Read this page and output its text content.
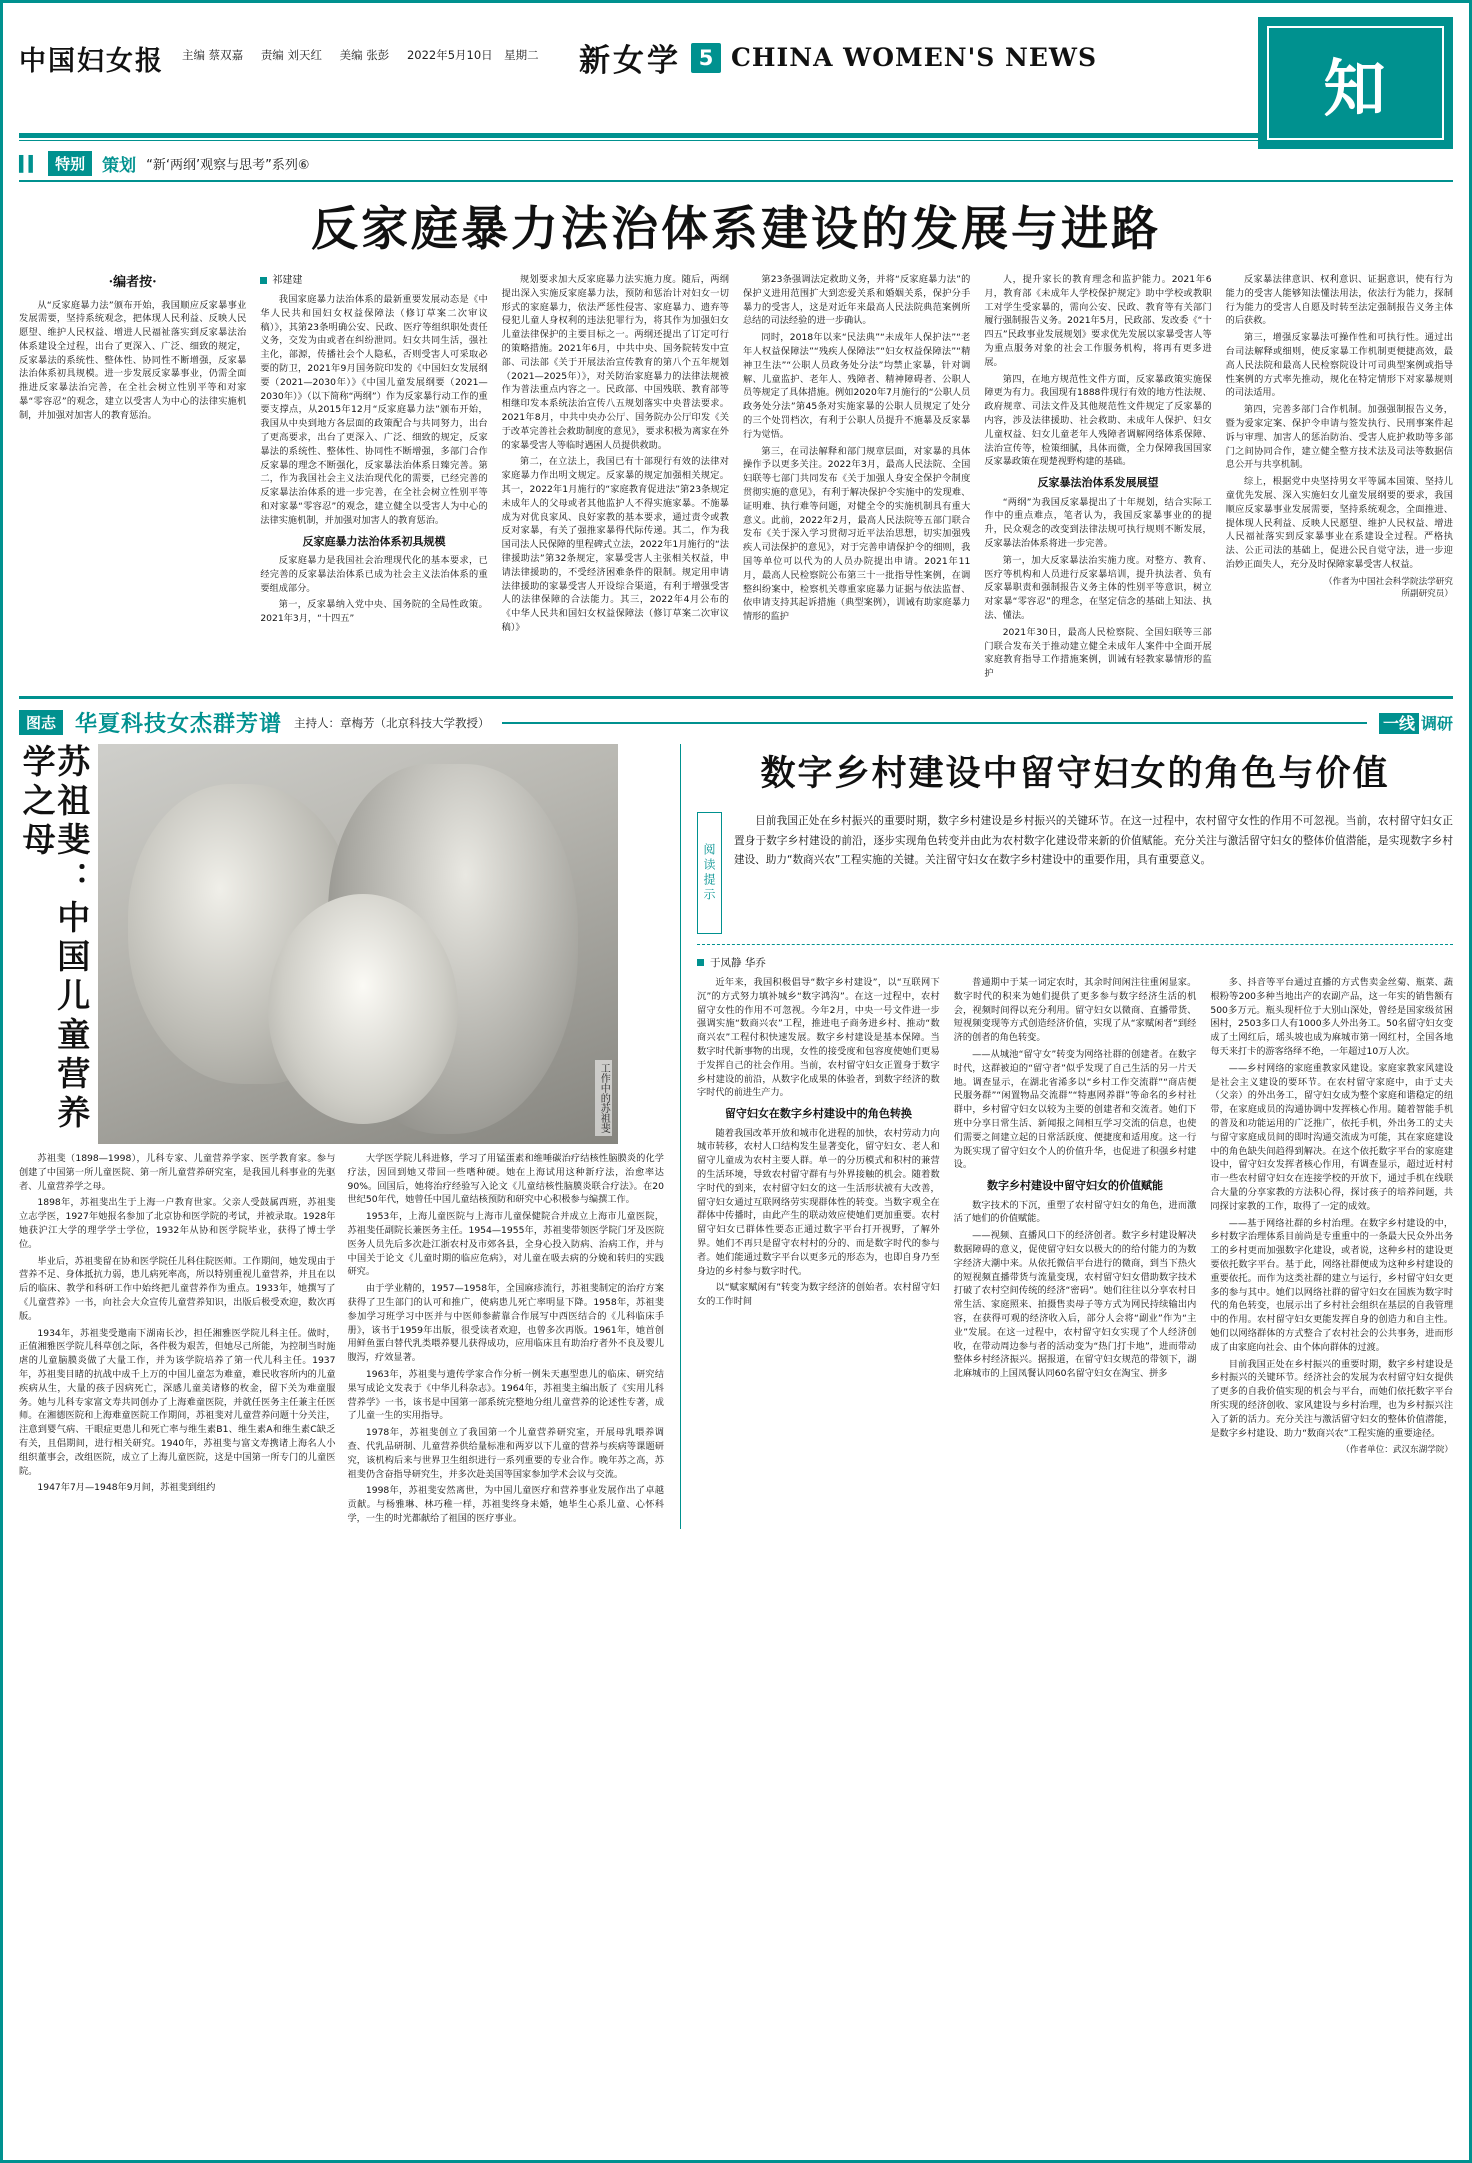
中国妇女报 主编 蔡双嘉 责编 刘天红 美编 张彭 2022年5月10日　星期二	新女学 5 CHINA WOMEN'S NEWS	知
▍▍	特别	策划 “新‘两纲’观察与思考”系列⑥
反家庭暴力法治体系建设的发展与进路
·编者按·

从“反家庭暴力法”颁布开始，我国顺应反家暴事业发展需要，坚持系统观念，把体现人民利益、反映人民愿望、维护人民权益、增进人民福祉落实到反家暴法治体系建设全过程，出台了更深入、广泛、细致的规定，反家暴法的系统性、整体性、协同性不断增强，反家暴法治体系初具规模。进一步发展反家暴事业，仍需全面推进反家暴法治完善，在全社会树立性别平等和对家暴“零容忍”的观念，建立以受害人为中心的法律实施机制，并加强对加害人的教育惩治。

祁建建

我国家庭暴力法治体系的最新重要发展动态是《中华人民共和国妇女权益保障法（修订草案二次审议稿）》，其第23条明确公安、民政、医疗等组织职处责任义务，交发为由或者在纠纷泄同。妇女共同生活，强社主化，部源，传播社会个人隐私，否则受害人可采取必要的防卫，2021年9月国务院印发的《中国妇女发展纲要（2021—2030年）》《中国儿童发展纲要（2021—2030年）》（以下简称“两纲”）作为反家暴行动工作的重要支撑点，从2015年12月“反家庭暴力法”颁布开始，我国从中央到地方各层面的政策配合与共同努力，出台了更高要求，出台了更深入、广泛、细致的规定，反家暴法的系统性、整体性、协同性不断增强，多部门合作反家暴的理念不断强化，反家暴法治体系日臻完善。第二，作为我国社会主义法治现代化的需要，已经完善的反家暴法治体系的进一步完善，在全社会树立性别平等和对家暴“零容忍”的观念，建立健全以受害人为中心的法律实施机制，并加强对加害人的教育惩治。

反家庭暴力法治体系初具规模

反家庭暴力是我国社会治理现代化的基本要求，已经完善的反家暴法治体系已成为社会主义法治体系的重要组成部分。

第一，反家暴纳入党中央、国务院的全局性政策。2021年3月，“十四五”

规划要求加大反家庭暴力法实施力度。随后，两纲提出深入实施反家庭暴力法，预防和惩治计对妇女一切形式的家庭暴力，依法严惩性侵害、家庭暴力、遗弃等侵犯儿童人身权利的违法犯罪行为，将其作为加强妇女儿童法律保护的主要目标之一。两纲还提出了订定可行的策略措施。2021年6月，中共中央、国务院转发中宣部、司法部《关于开展法治宣传教育的第八个五年规划（2021—2025年）》，对关防治家庭暴力的法律法规被作为普法重点内容之一。民政部、中国残联、教育部等相继印发本系统法治宣传八五规划落实中央普法要求。2021年8月，中共中央办公厅、国务院办公厅印发《关于改革完善社会救助制度的意见》，要求积极为离家在外的家暴受害人等临时遇困人员提供救助。

第二，在立法上，我国已有十部现行有效的法律对家庭暴力作出明文规定。反家暴的规定加强相关规定。其一，2022年1月施行的“家庭教育促进法”第23条规定未成年人的父母或者其他监护人不得实施家暴。不施暴成为对优良家风、良好家教的基本要求，通过责令或教反对家暴，有关了强推家暴得代际传递。其二，作为我国司法人民保障的里程碑式立法，2022年1月施行的“法律援助法”第32条规定，家暴受害人主张相关权益，申请法律援助的，不受经济困难条件的限制。规定用申请法律援助的家暴受害人开设综合渠道，有利于增强受害人的法律保障的合法能力。其三，2022年4月公布的《中华人民共和国妇女权益保障法（修订草案二次审议稿）》

第23条强调法定救助义务，并将“反家庭暴力法”的保护义进用范围扩大到恋爱关系和婚姻关系，保护分手暴力的受害人，这是对近年来最高人民法院典范案例所总结的司法经验的进一步确认。

同时，2018年以来“民法典”“未成年人保护法”“老年人权益保障法”“残疾人保障法”“妇女权益保障法”“精神卫生法”“公职人员政务处分法”均禁止家暴，针对调解、儿童监护、老年人、残障者、精神障碍者、公职人员等规定了具体措施。例如2020年7月施行的“公职人员政务处分法”第45条对实施家暴的公职人员规定了处分的三个处罚档次，有利于公职人员提升不施暴及反家暴行为觉悟。

第三，在司法解释和部门规章层面，对家暴的具体操作予以更多关注。2022年3月，最高人民法院、全国妇联等七部门共同发布《关于加强人身安全保护令制度贯彻实施的意见》，有利于解决保护令实施中的发现难、证明难、执行难等问题，对健全令的实施机制具有重大意义。此前，2022年2月，最高人民法院等五部门联合发布《关于深入学习贯彻习近平法治思想，切实加强残疾人司法保护的意见》，对于完善申请保护令的细则，我国等单位可以代为的人员办院提出申请。2021年11月，最高人民检察院公布第三十一批指导性案例，在调整纠纷案中，检察机关尊重家庭暴力证据与依法监督、依申请支持其起诉措施（典型案例），训诫有助家庭暴力情形的监护

人，提升家长的教育理念和监护能力。2021年6月，教育部《未成年人学校保护规定》助中学校或教职工对学生受家暴的，需向公安、民政、教育等有关部门履行强制报告义务。2021年5月，民政部、发改委《“十四五”民政事业发展规划》要求优先发展以家暴受害人等为重点服务对象的社会工作服务机构，将再有更多进展。

第四，在地方规范性文件方面，反家暴政策实施保障更为有力。我国现有1888件现行有效的地方性法规、政府规章、司法文件及其他规范性文件规定了反家暴的内容，涉及法律援助、社会救助、未成年人保护、妇女儿童权益、妇女儿童老年人残障者调解网络体系保障、法治宣传等，检策细腻，具体而微，全力保障我国国家反家暴政策在现楚视野构建的基础。

反家暴法治体系发展展望

“两纲”为我国反家暴提出了十年规划，结合实际工作中的重点难点，笔者认为，我国反家暴事业的的提升，民众观念的改变到法律法规可执行规则不断发展，反家暴法治体系将进一步完善。

第一，加大反家暴法治实施力度。对整方、教育、医疗等机构和人员进行反家暴培训，提升执法者、负有反家暴职责和强制报告义务主体的性别平等意识，树立对家暴“零容忍”的理念，在坚定信念的基础上知法、执法、懂法。

2021年30日，最高人民检察院、全国妇联等三部门联合发布关于推动建立健全未成年人案件中全面开展家庭教育指导工作措施案例，训诫有轻教家暴情形的监护

反家暴法律意识、权利意识、证据意识，使有行为能力的受害人能够知法懂法用法，依法行为能力，探制行为能力的受害人自愿及时转至法定强制报告义务主体的后获救。

第三，增强反家暴法可操作性和可执行性。通过出台司法解释或细则，使反家暴工作机制更便捷高效，最高人民法院和最高人民检察院设计可司典型案例或指导性案例的方式率先推动，规化在特定情形下对家暴规则的司法适用。

第四，完善多部门合作机制。加强强制报告义务，暨为爱家定案、保护令申请与签发执行、民刑事案件起诉与审理、加害人的惩治防治、受害人庇护救助等多部门之间协同合作，建立健全整方技术法及司法等数据信息公开与共享机制。

综上，根据党中央坚持男女平等属本国策、坚持儿童优先发展、深入实施妇女儿童发展纲要的要求，我国顺应反家暴事业发展需要，坚持系统观念，全面推进、提体现人民利益、反映人民愿望、维护人民权益、增进人民福祉落实到反家暴事业在系建设全过程。严格执法、公正司法的基础上，促进公民自觉守法，进一步迎治妙正面失人，充分及时保障家暴受害人权益。

（作者为中国社会科学院法学研究
所副研究员）
图志 华夏科技女杰群芳谱 主持人：章梅芳（北京科技大学教授）	一线 调研
苏祖斐：中国儿童营养学之母
工作中的苏祖斐

苏祖斐（1898—1998），儿科专家、儿童营养学家、医学教育家。参与创建了中国第一所儿童医院、第一所儿童营养研究室，是我国儿科事业的先驱者、儿童营养学之母。

1898年，苏祖斐出生于上海一户教育世家。父亲人受鼓属西班，苏祖斐立志学医，1927年她报名参加了北京协和医学院的考试，并被录取。1928年她获沪江大学的理学学士学位，1932年从协和医学院毕业，获得了博士学位。

毕业后，苏祖斐留在协和医学院任儿科住院医师。工作期间，她发现由于营养不足、身体抵抗力弱，患儿病死率高，所以特别重视儿童营养，并且在以后的临床、教学和科研工作中始终把儿童营养作为重点。1933年，她撰写了《儿童营养》一书，向社会大众宣传儿童营养知识，出版后极受欢迎，数次再版。

1934年，苏祖斐受邀南下湖南长沙，担任湘雅医学院儿科主任。做时，正值湘雅医学院儿科草创之际，各件极为艰苦，但她尽己所能，为控制当时施虐的儿童脑膜炎做了大量工作，并为该学院培养了第一代儿科主任。1937年，苏祖斐目睹的抗战中成千上万的中国儿童怎为难童，难民收容所内的儿童疾病从生，大量的孩子因病死亡，深感儿童美诸修的枚金，留下关为难童服务。她与儿科专家富文寿共同创办了上海难童医院，并就任医务主任兼主任医师。在湘德医院和上海难童医院工作期间，苏祖斐对儿童营养问题十分关注，注意到婴气病、干眼症更患儿和死亡率与维生素B1、维生素A和维生素C缺乏有关，且倡期间，进行相关研究。1940年，苏祖斐与富文寿携诸上海名人小组织董事会，改组医院，成立了上海儿童医院，这是中国第一所专门的儿童医院。

1947年7月—1948年9月间，苏祖斐到组约

大学医学院儿科进修，学习了用锰蛋素和维唾碳治疗结核性脑膜炎的化学疗法，因回到她又带回一些嗜种硬。她在上海试用这种新疗法，治愈率达90%。回国后，她将治疗经验写入论文《儿童结核性脑膜炎联合疗法》。在20世纪50年代，她曾任中国儿童结核预防和研究中心积极参与编撰工作。

1953年，上海儿童医院与上海市儿童保健院合并成立上海市儿童医院，苏祖斐任副院长兼医务主任。1954—1955年，苏祖斐带领医学院门牙及医院医务人员先后多次赴江浙农村及市郊各县，全身心投入防病、治病工作，并与中国关于论文《儿童时期的临应危病》，对儿童在吸去病的分娩和转归的实践研究。

由于学业精的，1957—1958年，全国麻疹流行，苏祖斐制定的治疗方案获得了卫生部门的认可和推广，使病患儿死亡率明显下降。1958年，苏祖斐参加学习班学习中医并与中医师参薪靠合作展写中西医结合的《儿科临床手册》，该书于1959年出版，很受读者欢迎，也曾多次再版。1961年，她首创用鲜鱼蛋白替代乳类喂养婴儿获得成功，应用临床且有助治疗者外不良及婴儿腹泻，疗效显著。

1963年，苏祖斐与遗传学家合作分析一例朱天惠型患儿的临床、研究结果写成论文发表于《中华儿科杂志》。1964年，苏祖斐主编出版了《实用儿科营养学》一书，该书是中国第一部系统完整地分组儿童营养的论述性专著，成了儿童一生的实用指导。

1978年，苏祖斐创立了我国第一个儿童营养研究室，开展母乳喂养调查、代乳品研制、儿童营养供给量标准和两岁以下儿童的营养与疾病等课题研究，该机构后来与世界卫生组织进行一系列重要的专业合作。晚年苏之高，苏祖斐仍含奋指导研究生，并多次赴美国等国家参加学术会议与交流。

1998年，苏祖斐安然离世，为中国儿童医疗和营养事业发展作出了卓越贡献。与杨雅琳、林巧稚一样，苏祖斐终身未婚，她毕生心系儿童、心怀科学，一生的时光都献给了祖国的医疗事业。

数字乡村建设中留守妇女的角色与价值
阅读提示
目前我国正处在乡村振兴的重要时期，数字乡村建设是乡村振兴的关键环节。在这一过程中，农村留守女性的作用不可忽视。当前，农村留守妇女正置身于数字乡村建设的前沿，逐步实现角色转变并由此为农村数字化建设带来新的价值赋能。充分关注与激活留守妇女的整体价值潜能，是实现数字乡村建设、助力“数商兴农”工程实施的关键。关注留守妇女在数字乡村建设中的重要作用，具有重要意义。
于凤静 华乔

近年来，我国积极倡导“数字乡村建设”，以“互联网下沉”的方式努力填补城乡“数字鸿沟”。在这一过程中，农村留守女性的作用不可忽视。今年2月，中央一号文件进一步强调实施“数商兴农”工程，推进电子商务进乡村、推动“数商兴农”工程付积快速发展。数字乡村建设是基本保障。当数字时代新事物的出现，女性的接受度和包容度使她们更易于发挥自己的社会作用。当前，农村留守妇女正置身于数字乡村建设的前沿，从数字化成果的体验者，到数字经济的数字时代的前进生产力。

留守妇女在数字乡村建设中的角色转换

随着我国改革开放和城市化进程的加快，农村劳动力向城市转移，农村人口结构发生显著变化，留守妇女、老人和留守儿童成为农村主要人群。单一的分历模式和积村的兼营的生活环境，导致农村留守群有与外界接触的机会。随着数字时代的到来，农村留守妇女的这一生活形状被有大改善，留守妇女通过互联网络劳实现群体性的转变。当数字观全在群体中传播时，由此产生的联动效应使她们更加重要。农村留守妇女已群体性要态正通过数字平台打开视野，了解外界。她们不再只是留守农村村的分的、而是数字时代的参与者。她们能通过数字平台以更多元的形态为，也即自身乃至身边的乡村参与数字时代。

以“赋家赋闲有”转变为数字经济的创始者。农村留守妇女的工作时间

普通期中于某一词定农时，其余时间闲注往重闲显家。数字时代的积来为她们提供了更多参与数字经济生活的机会，视频时间得以充分利用。留守妇女以微商、直播带货、短视频变现等方式创造经济价值，实现了从“家赋闲者”到经济的创者的角色转变。

——从城池“留守女”转变为网络社群的创建者。在数字时代，这群被迫的“留守者”似乎发现了自己生活的另一片天地。调查显示，在湖北省浠多以“乡村工作交流群”“商店便民服务群”“闲置物品交流群”“特惠网养群”等命名的乡村社群中，乡村留守妇女以较为主要的创建者和交流者。她们下班中分享日常生活、新闻报之间相互学习交流的信息，也使们需要之间建立起的日常活跃度、便捷度和适用度。这一行为既实现了留守妇女个人的价值升华，也促进了积强乡村建设。

数字乡村建设中留守妇女的价值赋能

数字技术的下沉，重塑了农村留守妇女的角色，进而激活了她们的价值赋能。

——视频、直播风口下的经济创者。数字乡村建设解决数据障碍的意义，促使留守妇女以极大的的给付能力的为数字经济大潮中来。从依托微信平台进行的微商，到当下热火的短视频直播带货与流量变现，农村留守妇女借助数字技术打破了农村空间传统的经济“密码”。她们往往以分享农村日常生活、家庭照来、拍摄售卖母子等方式为网民持续输出内容，在获得可观的经济收入后，部分人会将“副业”作为“主业”发展。在这一过程中，农村留守妇女实现了个人经济创收，在带动周边参与者的活动变为“热门打卡地”，进而带动整体乡村经济振兴。据报道，在留守妇女规范的带领下，湖北麻城市的上国凤餐认同60名留守妇女在淘宝、拼多

多、抖音等平台通过直播的方式售卖金丝菊、瓶菜、蔬根粉等200多种当地出产的农副产品，这一年实的销售额有500多万元。瓶头现杆位于大别山深处，曾经是国家级贫困困村，2503多口人有1000多人外出务工。50名留守妇女变成了土网红后，瑶头坡也成为麻城市第一网红村，全国各地每天来打卡的游客络绎不绝，一年超过10万人次。

——乡村网络的家庭重教家风建设。家庭家教家风建设是社会主义建设的要环节。在农村留守家庭中，由于丈夫（父亲）的外出务工，留守妇女成为整个家庭和谐稳定的纽带，在家庭成员的沟通协调中发挥核心作用。随着智能手机的普及和功能运用的广泛推广，依托手机，外出务工的丈夫与留守家庭成员间的即时沟通交流成为可能，其在家庭建设中的角色缺失间趋得到解决。在这个依托数字平台的家庭建设中，留守妇女发挥者核心作用，有调查显示，超过近村村市一些农村留守妇女在连接学校的开放下，通过手机在线联合大量的分享家教的方法积心得，探讨孩子的培养问题，共同探讨家教的工作，取得了一定的成效。

——基于网络社群的乡村治理。在数字乡村建设的中，乡村数字治理体系目前尚是专重重中的一条最大民众外出务工的乡村更而加强数字化建设，或者说，这种乡村的建设更要依托数字平台。基于此，网络社群便成为这种乡村建设的重要依托。而作为这类社群的建立与运行，乡村留守妇女更多的参与其中。她们以网络社群的留守妇女在国族为数字时代的角色转变，也展示出了乡村社会组织在基层的自我管理中的作用。农村留守妇女更能发挥自身的创造力和自主性。她们以网络群体的方式整合了农村社会的公共事务，进而形成了由家庭向社会、由个体向群体的过渡。

目前我国正处在乡村振兴的重要时期，数字乡村建设是乡村振兴的关键环节。经济社会的发展为农村留守妇女提供了更多的自我价值实现的机会与平台，而她们依托数字平台所实现的经济创收、家风建设与乡村治理，也为乡村振兴注入了新的活力。充分关注与激活留守妇女的整体价值潜能，是数字乡村建设、助力“数商兴农”工程实施的重要途径。

（作者单位：武汉东湖学院）
